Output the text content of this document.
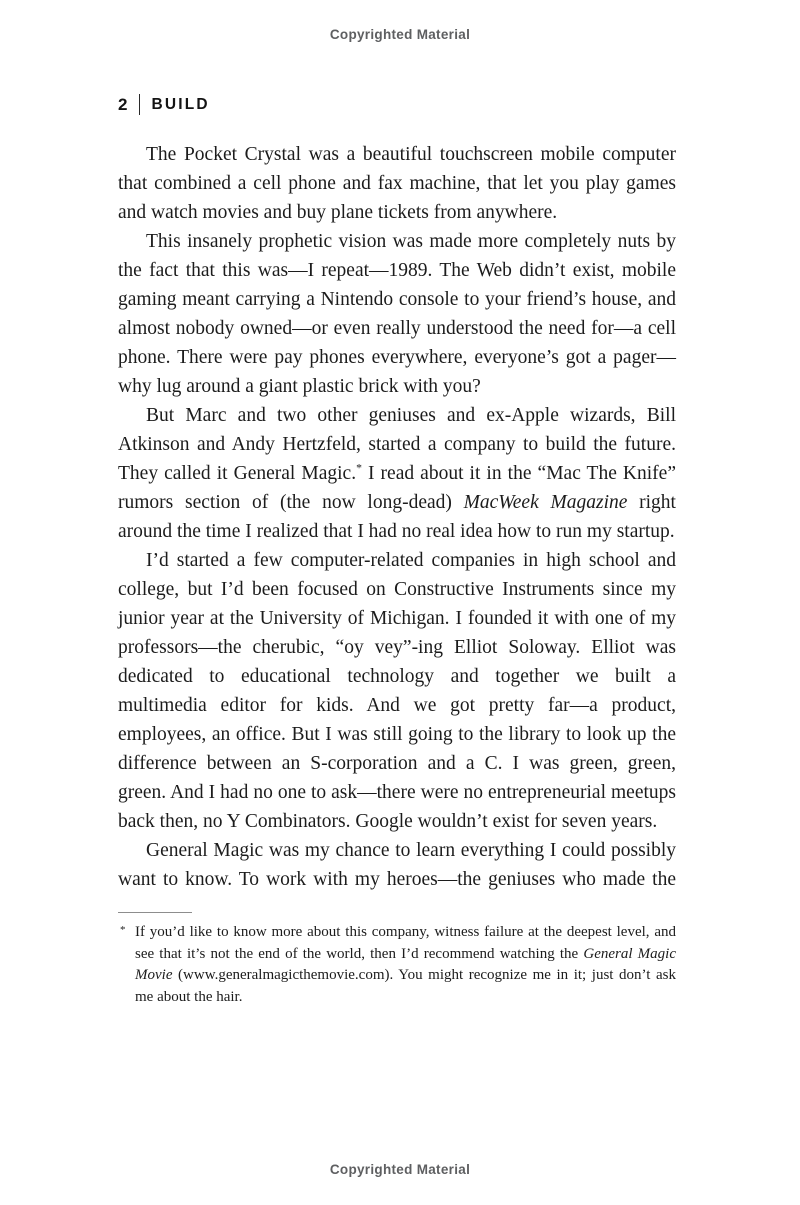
Copyrighted Material
2 BUILD

The Pocket Crystal was a beautiful touchscreen mobile computer that combined a cell phone and fax machine, that let you play games and watch movies and buy plane tickets from anywhere.

This insanely prophetic vision was made more completely nuts by the fact that this was—I repeat—1989. The Web didn’t exist, mobile gaming meant carrying a Nintendo console to your friend’s house, and almost nobody owned—or even really understood the need for—a cell phone. There were pay phones everywhere, everyone’s got a pager—why lug around a giant plastic brick with you?

But Marc and two other geniuses and ex-Apple wizards, Bill Atkinson and Andy Hertzfeld, started a company to build the future. They called it General Magic.* I read about it in the “Mac The Knife” rumors section of (the now long-dead) MacWeek Magazine right around the time I realized that I had no real idea how to run my startup.

I’d started a few computer-related companies in high school and college, but I’d been focused on Constructive Instruments since my junior year at the University of Michigan. I founded it with one of my professors—the cherubic, “oy vey”-ing Elliot Soloway. Elliot was dedicated to educational technology and together we built a multimedia editor for kids. And we got pretty far—a product, employees, an office. But I was still going to the library to look up the difference between an S-corporation and a C. I was green, green, green. And I had no one to ask—there were no entrepreneurial meetups back then, no Y Combinators. Google wouldn’t exist for seven years.

General Magic was my chance to learn everything I could possibly want to know. To work with my heroes—the geniuses who made the

* If you’d like to know more about this company, witness failure at the deepest level, and see that it’s not the end of the world, then I’d recommend watching the General Magic Movie (www.generalmagicthemovie.com). You might recognize me in it; just don’t ask me about the hair.
Copyrighted Material
